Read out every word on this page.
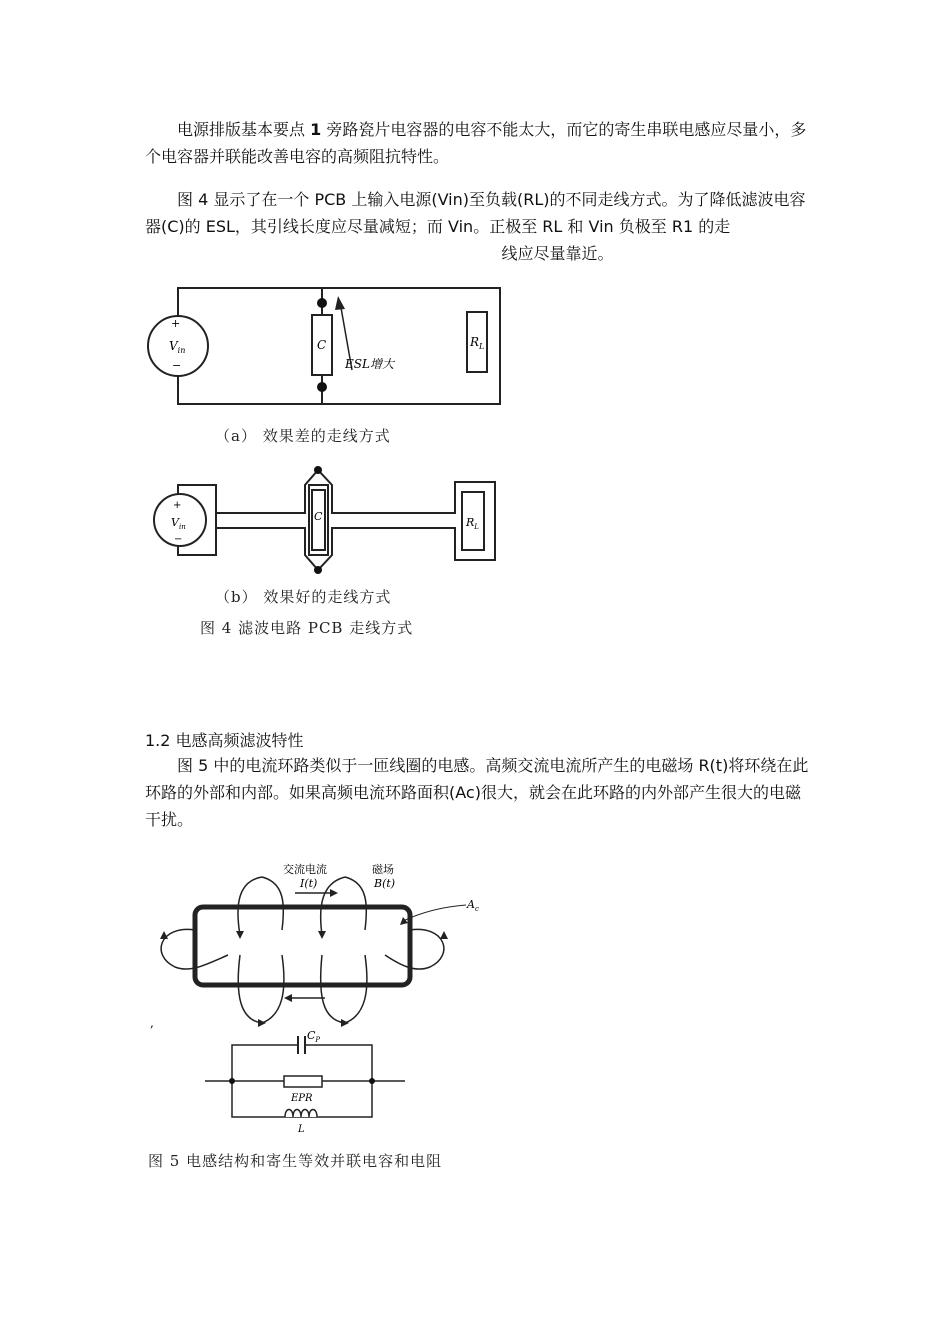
电源排版基本要点 1 旁路瓷片电容器的电容不能太大，而它的寄生串联电感应尽量小，多个电容器并联能改善电容的高频阻抗特性。

图 4 显示了在一个 PCB 上输入电源(Vin)至负载(RL)的不同走线方式。为了降低滤波电容器(C)的 ESL，其引线长度应尽量减短；而 Vin。正极至 RL 和 Vin 负极至 R1 的走

线应尽量靠近。

+
−
$V_{in}$	C	$R_L$
ESL增大
+
−
$V_{in}$
C	$R_L$
（a） 效果差的走线方式
（b） 效果好的走线方式
图 4 滤波电路 PCB 走线方式
1.2 电感高频滤波特性

图 5 中的电流环路类似于一匝线圈的电感。高频交流电流所产生的电磁场 R(t)将环绕在此环路的外部和内部。如果高频电流环路面积(Ac)很大，就会在此环路的内外部产生很大的电磁干扰。

交流电流
I(t)
磁场
B(t)
$A_c$
$C_P$
EPR
L
,
图 5 电感结构和寄生等效并联电容和电阻
